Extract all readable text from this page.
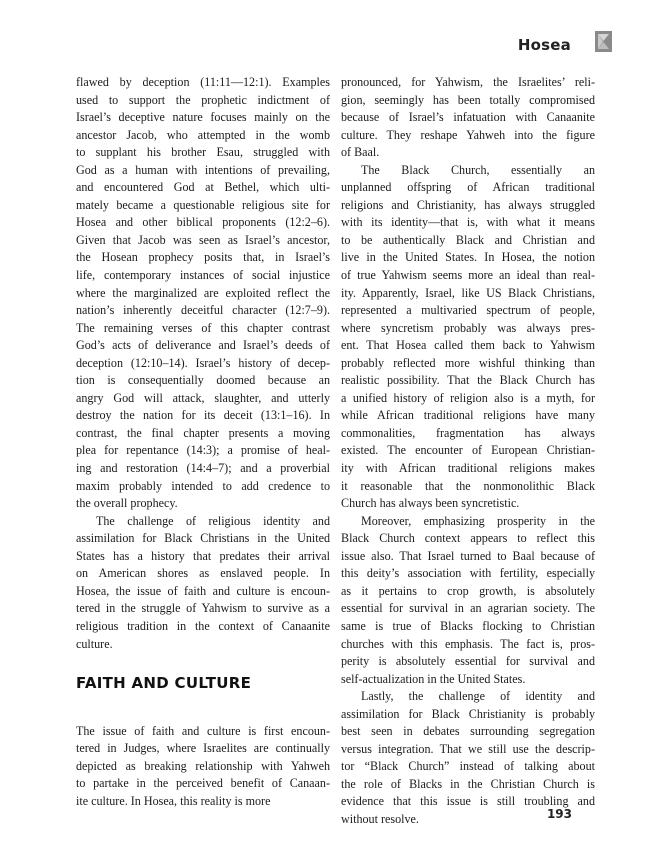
Hosea
flawed by deception (11:11—12:1). Examples
used to support the prophetic indictment of
Israel’s deceptive nature focuses mainly on the
ancestor Jacob, who attempted in the womb
to supplant his brother Esau, struggled with
God as a human with intentions of prevailing,
and encountered God at Bethel, which ulti-
mately became a questionable religious site for
Hosea and other biblical proponents (12:2–6).
Given that Jacob was seen as Israel’s ancestor,
the Hosean prophecy posits that, in Israel’s
life, contemporary instances of social injustice
where the marginalized are exploited reflect the
nation’s inherently deceitful character (12:7–9).
The remaining verses of this chapter contrast
God’s acts of deliverance and Israel’s deeds of
deception (12:10–14). Israel’s history of decep-
tion is consequentially doomed because an
angry God will attack, slaughter, and utterly
destroy the nation for its deceit (13:1–16). In
contrast, the final chapter presents a moving
plea for repentance (14:3); a promise of heal-
ing and restoration (14:4–7); and a proverbial
maxim probably intended to add credence to
the overall prophecy.
The challenge of religious identity and
assimilation for Black Christians in the United
States has a history that predates their arrival
on American shores as enslaved people. In
Hosea, the issue of faith and culture is encoun-
tered in the struggle of Yahwism to survive as a
religious tradition in the context of Canaanite
culture.
FAITH AND CULTURE
The issue of faith and culture is first encoun-
tered in Judges, where Israelites are continually
depicted as breaking relationship with Yahweh
to partake in the perceived benefit of Canaan-
ite culture. In Hosea, this reality is more
pronounced, for Yahwism, the Israelites’ reli-
gion, seemingly has been totally compromised
because of Israel’s infatuation with Canaanite
culture. They reshape Yahweh into the figure
of Baal.
The Black Church, essentially an
unplanned offspring of African traditional
religions and Christianity, has always struggled
with its identity—that is, with what it means
to be authentically Black and Christian and
live in the United States. In Hosea, the notion
of true Yahwism seems more an ideal than real-
ity. Apparently, Israel, like US Black Christians,
represented a multivaried spectrum of people,
where syncretism probably was always pres-
ent. That Hosea called them back to Yahwism
probably reflected more wishful thinking than
realistic possibility. That the Black Church has
a unified history of religion also is a myth, for
while African traditional religions have many
commonalities, fragmentation has always
existed. The encounter of European Christian-
ity with African traditional religions makes
it reasonable that the nonmonolithic Black
Church has always been syncretistic.
Moreover, emphasizing prosperity in the
Black Church context appears to reflect this
issue also. That Israel turned to Baal because of
this deity’s association with fertility, especially
as it pertains to crop growth, is absolutely
essential for survival in an agrarian society. The
same is true of Blacks flocking to Christian
churches with this emphasis. The fact is, pros-
perity is absolutely essential for survival and
self-actualization in the United States.
Lastly, the challenge of identity and
assimilation for Black Christianity is probably
best seen in debates surrounding segregation
versus integration. That we still use the descrip-
tor “Black Church” instead of talking about
the role of Blacks in the Christian Church is
evidence that this issue is still troubling and
without resolve.	193
